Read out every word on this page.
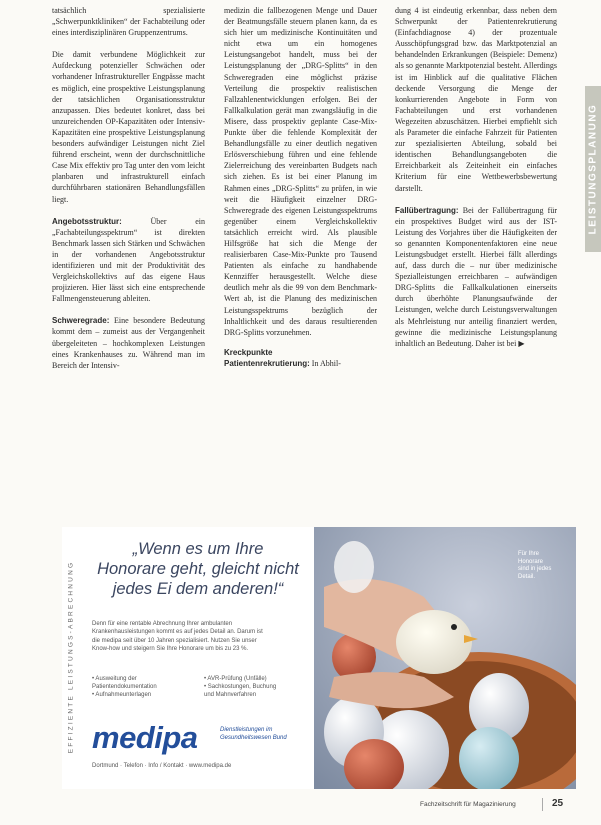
tatsächlich spezialisierte „Schwerpunktkliniken“ der Fachabteilung oder eines interdisziplinären Gruppenzentrums.

Die damit verbundene Möglichkeit zur Aufdeckung potenzieller Schwächen oder vorhandener Infrastruktureller Engpässe macht es möglich, eine prospektive Leistungsplanung der tatsächlichen Organisationsstruktur anzupassen. Dies bedeutet konkret, dass bei unzureichenden OP-Kapazitäten oder Intensiv-Kapazitäten eine prospektive Leistungsplanung besonders aufwändiger Leistungen nicht Ziel führend erscheint, wenn der durchschnittliche Case Mix effektiv pro Tag unter den vom leicht planbaren und infrastrukturell einfach durchführbaren stationären Behandlungsfällen liegt.

Angebotsstruktur:	Über ein „Fachabteilungsspektrum“ ist direkten Benchmark lassen sich Stärken und Schwächen in der vorhandenen Angebotsstruktur identifizieren und mit der Produktivität des Vergleichskollektivs auf das eigene Haus projizieren. Hier lässt sich eine entsprechende Fallmengensteuerung ableiten.

Schweregrade: Eine besondere Bedeutung kommt dem – zumeist aus der Vergangenheit übergeleiteten – hochkomplexen Leistungen eines Krankenhauses zu. Während man im Bereich der Intensiv-

medizin die fallbezogenen Menge und Dauer der Beatmungsfälle steuern planen kann, da es sich hier um medizinische Kontinuitäten und nicht etwa um ein homogenes Leistungsangebot handelt, muss bei der Leistungsplanung der „DRG-Splitts“ in den Schweregraden eine möglichst präzise Verteilung die prospektiv realistischen Fallzahlenentwicklungen erfolgen. Bei der Fallkalkulation gerät man zwangsläufig in die Misere, dass prospektiv geplante Case-Mix-Punkte über die fehlende Komplexität der Behandlungsfälle zu einer deutlich negativen Erlösverschiebung führen und eine fehlende Zielerreichung des vereinbarten Budgets nach sich ziehen. Es ist bei einer Planung im Rahmen eines „DRG-Splitts“ zu prüfen, in wie weit die Häufigkeit einzelner DRG-Schweregrade des eigenen Leistungsspektrums gegenüber einem Vergleichskollektiv tatsächlich erreicht wird. Als plausible Hilfsgröße hat sich die Menge der realisierbaren Case-Mix-Punkte pro Tausend Patienten als einfache zu handhabende Kennziffer herausgestellt. Welche diese deutlich mehr als die 99 von dem Benchmark-Wert ab, ist die Planung des medizinischen Leistungsspektrums bezüglich der Inhaltlichkeit und des daraus resultierenden DRG-Splitts vorzunehmen.

Kreckpunkte

Patientenrekrutierung: In Abhil-

dung 4 ist eindeutig erkennbar, dass neben dem Schwerpunkt der Patientenrekrutierung (Einfachdiagnose 4) der prozentuale Ausschöpfungsgrad bzw. das Marktpotenzial an behandelnden Erkrankungen (Beispiele: Demenz) als so genannte Marktpotenzial besteht. Allerdings ist im Hinblick auf die qualitative Flächen deckende Versorgung die Menge der konkurrierenden Angebote in Form von Fachabteilungen und erst vorhandenen Wegezeiten abzuschätzen. Hierbei empfiehlt sich als Parameter die einfache Fahrzeit für Patienten zur spezialisierten Abteilung, sobald bei identischen Behandlungsangeboten die Erreichbarkeit als Zeiteinheit ein einfaches Kriterium für eine Wettbewerbsbewertung darstellt.

Fallübertragung: Bei der Fallübertragung für ein prospektives Budget wird aus der IST-Leistung des Vorjahres über die Häufigkeiten der so genannten Komponentenfaktoren eine neue Leistungsbudget erstellt. Hierbei fällt allerdings auf, dass durch die – nur über medizinische Spezialleistungen erreichbaren – aufwändigen DRG-Splitts die Fallkalkulationen einerseits durch überhöhte Planungsaufwände der Leistungen, welche durch Leistungsverwaltungen als Mehrleistung nur anteilig finanziert werden, gewinne die medizinische Leistungsplanung inhaltlich an Bedeutung. Daher ist bei ▶

LEISTUNGSPLANUNG
EFFIZIENTE LEISTUNGS-ABRECHNUNG
„Wenn es um Ihre
Honorare geht, gleicht nicht
jedes Ei dem anderen!“
Denn für eine rentable Abrechnung Ihrer ambulanten
Krankenhausleistungen kommt es auf jedes Detail an. Darum ist
die medipa seit über 10 Jahren spezialisiert. Nutzen Sie unser
Know-how und steigern Sie Ihre Honorare um bis zu 23 %.
• Ausweitung der
Patientendokumentation
• Aufnahmeunterlagen
• AVR-Prüfung (Unfälle)
• Sachkostungen, Buchung
und Mahnverfahren
medipa	Dienstleistungen im
Gesundheitswesen Bund
Dortmund · Telefon · Info / Kontakt · www.medipa.de
Für Ihre
Honorare
sind in jedes
Detail.
Fachzeitschrift für Magazinierung	25
